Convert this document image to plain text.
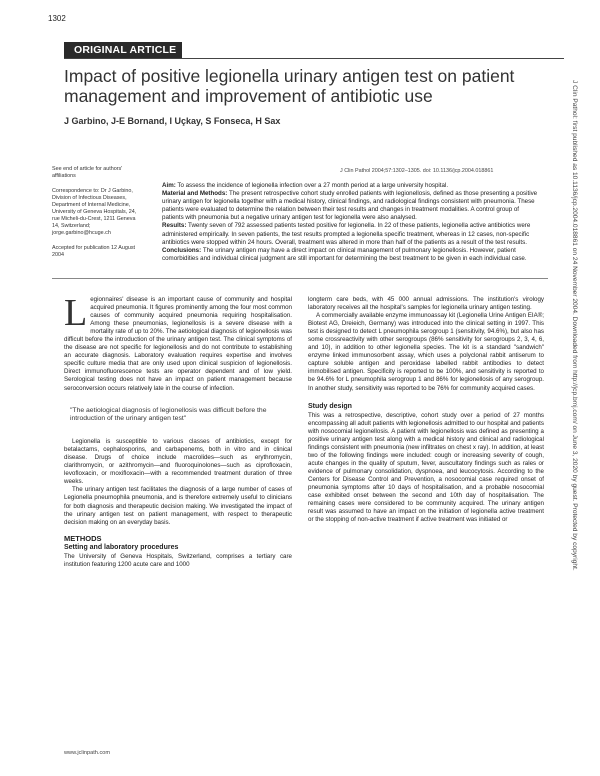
1302
ORIGINAL ARTICLE
Impact of positive legionella urinary antigen test on patient management and improvement of antibiotic use
J Garbino, J-E Bornand, I Uçkay, S Fonseca, H Sax

See end of article for authors' affiliations

Correspondence to: Dr J Garbino, Division of Infectious Diseases, Department of Internal Medicine, University of Geneva Hospitals, 24, rue Micheli-du-Crest, 1211 Geneva 14, Switzerland; jorge.garbino@hcuge.ch

Accepted for publication 12 August 2004

J Clin Pathol 2004;57:1302–1305. doi: 10.1136/jcp.2004.018861

Aim: To assess the incidence of legionella infection over a 27 month period at a large university hospital.

Material and Methods: The present retrospective cohort study enrolled patients with legionellosis, defined as those presenting a positive urinary antigen for legionella together with a medical history, clinical findings, and radiological findings consistent with pneumonia. These patients were evaluated to determine the relation between their test results and changes in treatment modalities. A control group of patients with pneumonia but a negative urinary antigen test for legionella were also analysed.

Results: Twenty seven of 792 assessed patients tested positive for legionella. In 22 of these patients, legionella active antibiotics were administered empirically. In seven patients, the test results prompted a legionella specific treatment, whereas in 12 cases, non-specific antibiotics were stopped within 24 hours. Overall, treatment was altered in more than half of the patients as a result of the test results.

Conclusions: The urinary antigen may have a direct impact on clinical management of pulmonary legionellosis. However, patient comorbidities and individual clinical judgment are still important for determining the best treatment to be given in each individual case.

Legionnaires' disease is an important cause of community and hospital acquired pneumonia. It figures prominently among the four most common causes of community acquired pneumonia requiring hospitalisation. Among these pneumonias, legionellosis is a severe disease with a mortality rate of up to 20%. The aetiological diagnosis of legionellosis was difficult before the introduction of the urinary antigen test. The clinical symptoms of the disease are not specific for legionellosis and do not contribute to establishing an accurate diagnosis. Laboratory evaluation requires expertise and involves specific culture media that are only used upon clinical suspicion of legionellosis. Direct immunofluorescence tests are operator dependent and of low yield. Serological testing does not have an impact on patient management because seroconversion occurs relatively late in the course of infection.

"The aetiological diagnosis of legionellosis was difficult before the introduction of the urinary antigen test"

Legionella is susceptible to various classes of antibiotics, except for betalactams, cephalosporins, and carbapenems, both in vitro and in clinical disease. Drugs of choice include macrolides—such as erythromycin, clarithromycin, or azithromycin—and fluoroquinolones—such as ciprofloxacin, levofloxacin, or moxifloxacin—with a recommended treatment duration of three weeks.

The urinary antigen test facilitates the diagnosis of a large number of cases of Legionella pneumophila pneumonia, and is therefore extremely useful to clinicians for both diagnosis and therapeutic decision making. We investigated the impact of the urinary antigen test on patient management, with respect to therapeutic decision making on an everyday basis.

METHODS
Setting and laboratory procedures

The University of Geneva Hospitals, Switzerland, comprises a tertiary care institution featuring 1200 acute care and 1000

longterm care beds, with 45 000 annual admissions. The institution's virology laboratory receives all the hospital's samples for legionella urinary antigen testing.

A commercially available enzyme immunoassay kit (Legionella Urine Antigen EIA®; Biotest AG, Dreieich, Germany) was introduced into the clinical setting in 1997. This test is designed to detect L pneumophila serogroup 1 (sensitivity, 94.6%), but also has some crossreactivity with other serogroups (86% sensitivity for serogroups 2, 3, 4, 6, and 10), in addition to other legionella species. The kit is a standard "sandwich" enzyme linked immunosorbent assay, which uses a polyclonal rabbit antiserum to capture soluble antigen and peroxidase labelled rabbit antibodies to detect immobilised antigen. Specificity is reported to be 100%, and sensitivity is reported to be 94.6% for L pneumophila serogroup 1 and 86% for legionellosis of any serogroup. In another study, sensitivity was reported to be 76% for community acquired cases.

Study design

This was a retrospective, descriptive, cohort study over a period of 27 months encompassing all adult patients with legionellosis admitted to our hospital and patients with nosocomial legionellosis. A patient with legionellosis was defined as presenting a positive urinary antigen test along with a medical history and clinical and radiological findings consistent with pneumonia (new infiltrates on chest x ray). In addition, at least two of the following findings were included: cough or increasing severity of cough, acute changes in the quality of sputum, fever, auscultatory findings such as rales or evidence of pulmonary consolidation, dyspnoea, and leucocytosis. According to the Centers for Disease Control and Prevention, a nosocomial case required onset of pneumonia symptoms after 10 days of hospitalisation, and a probable nosocomial case exhibited onset between the second and 10th day of hospitalisation. The remaining cases were considered to be community acquired. The urinary antigen result was assumed to have an impact on the initiation of legionella active treatment or the stopping of non-active treatment if active treatment was initiated or

www.jclinpath.com
J Clin Pathol: first published as 10.1136/jcp.2004.018861 on 24 November 2004. Downloaded from http://jcp.bmj.com/ on June 3, 2020 by guest. Protected by copyright.
